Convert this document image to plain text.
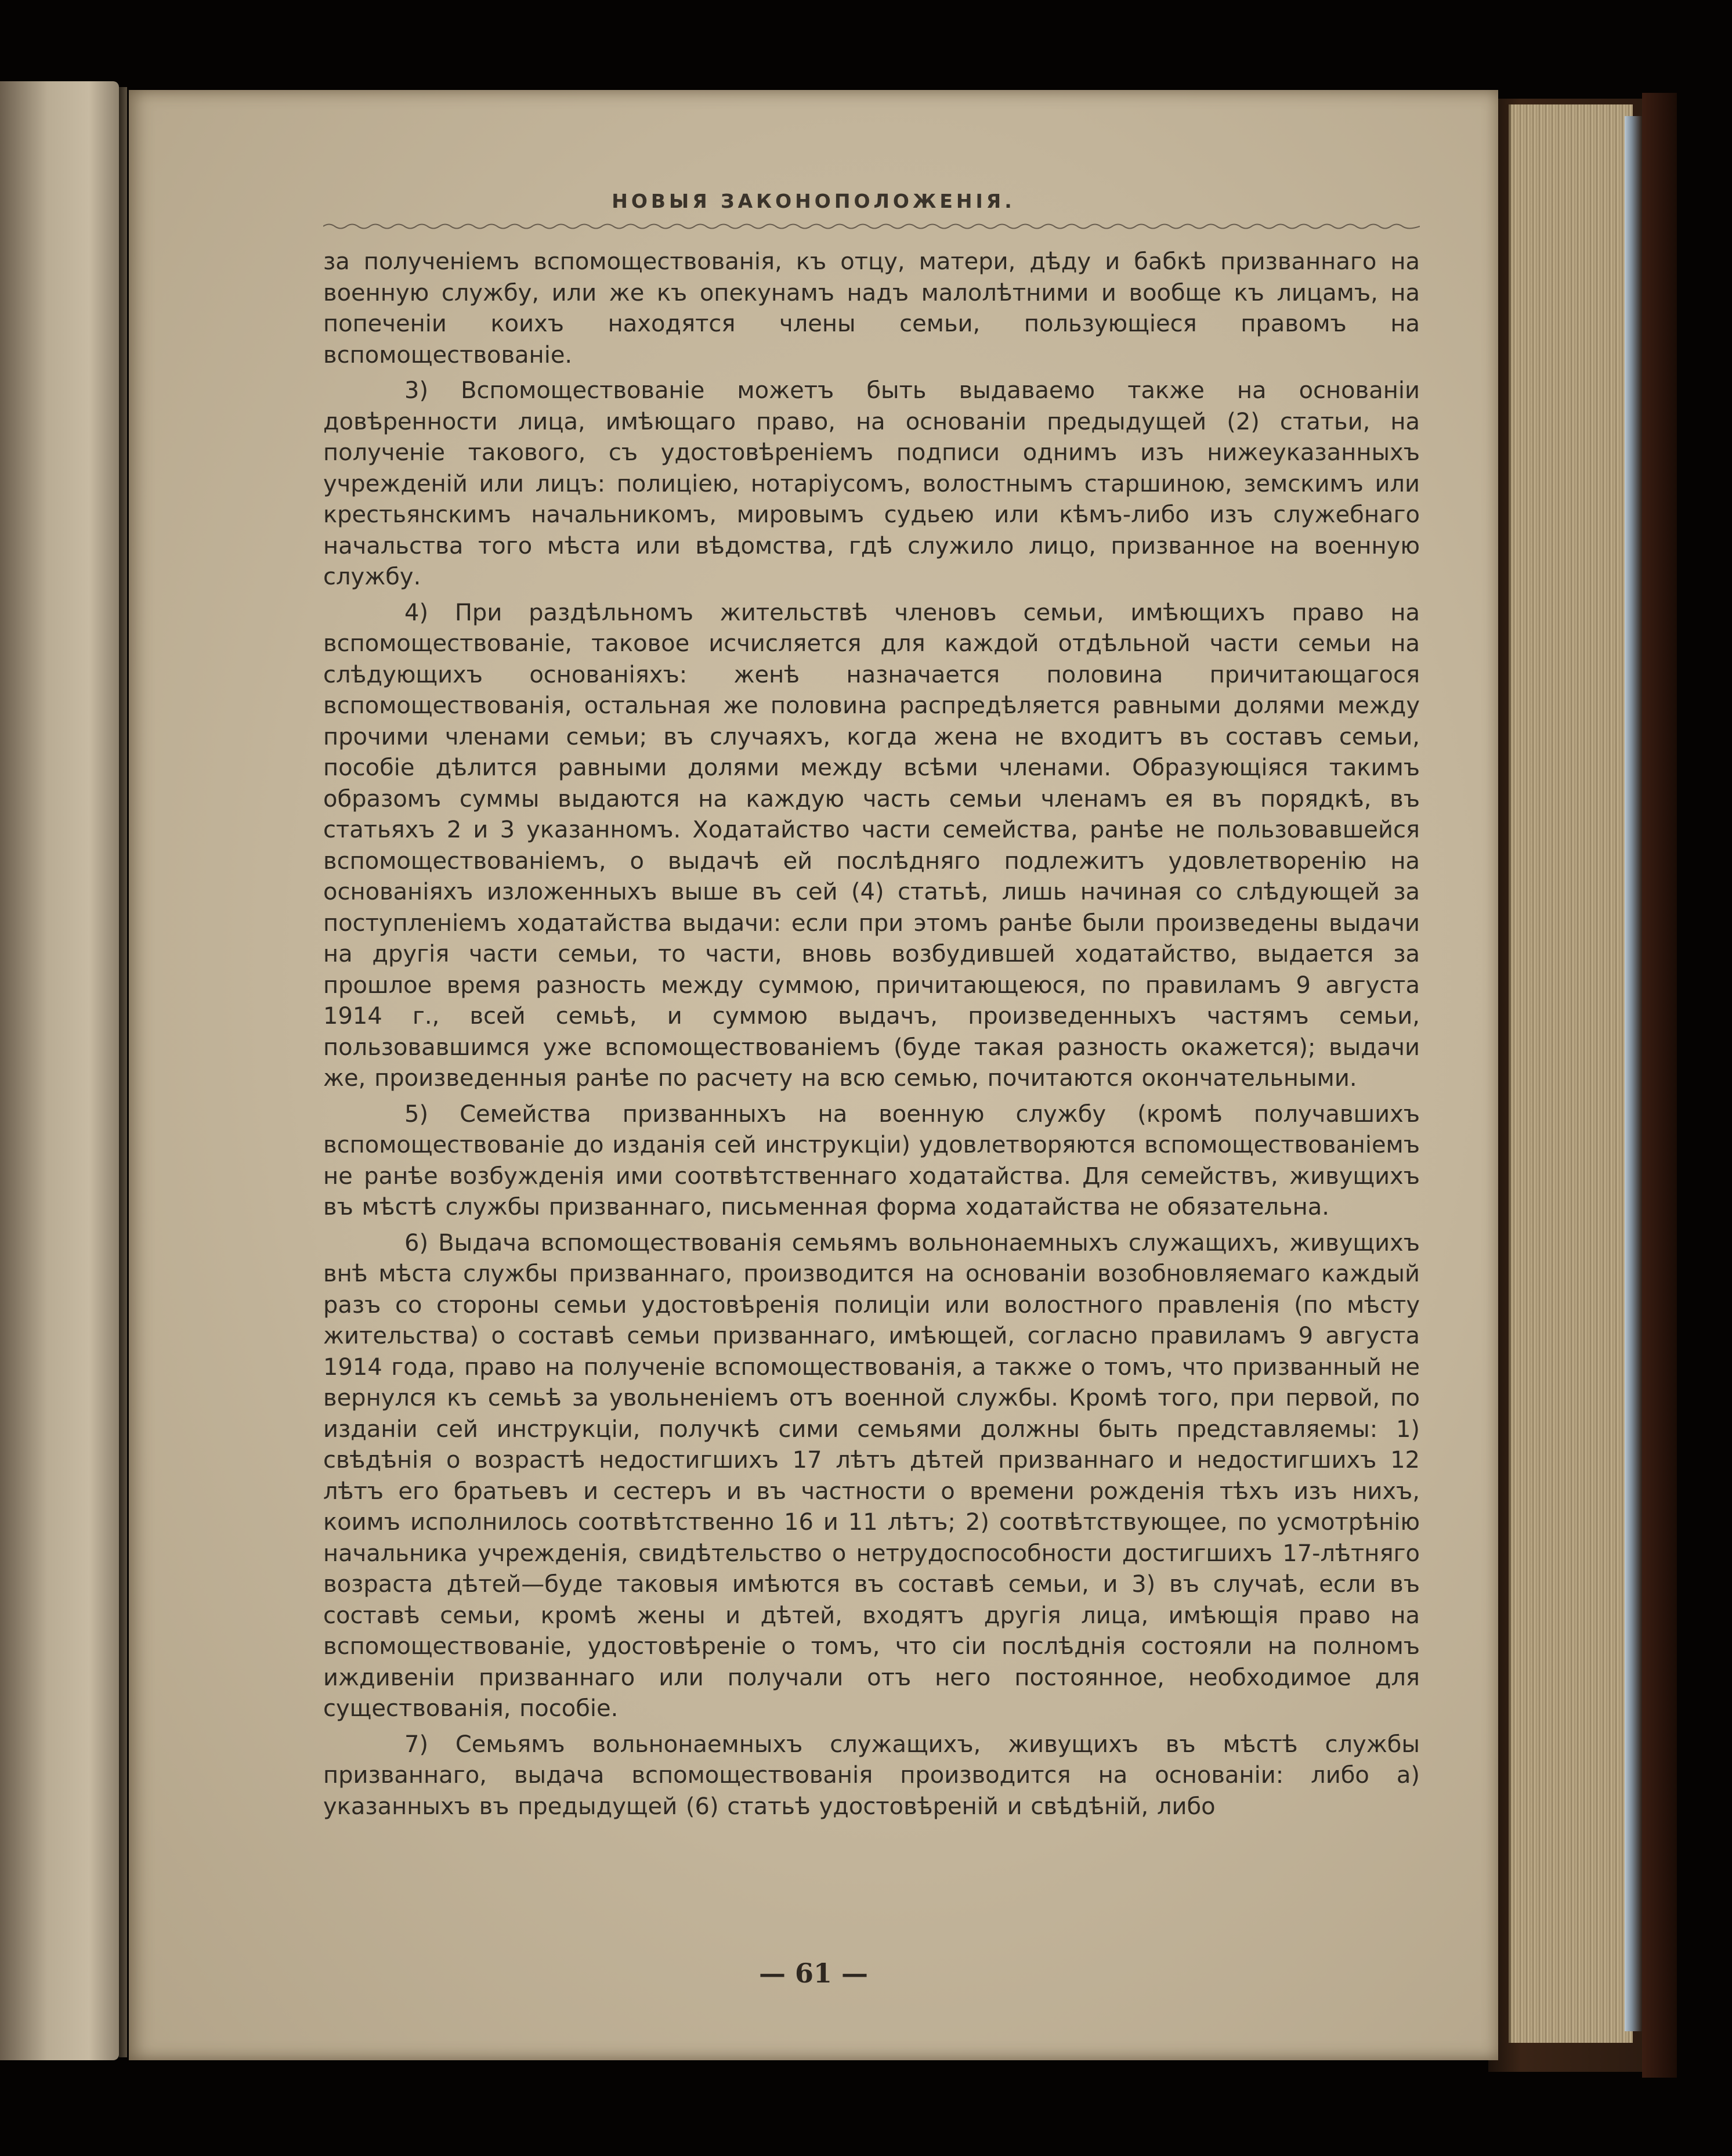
НОВЫЯ ЗАКОНОПОЛОЖЕНІЯ.

за полученіемъ вспомоществованія, къ отцу, матери, дѣду и бабкѣ призваннаго на военную службу, или же къ опекунамъ надъ малолѣтними и вообще къ лицамъ, на попеченіи коихъ находятся члены семьи, пользующіеся правомъ на вспомоществованіе.

3) Вспомоществованіе можетъ быть выдаваемо также на основаніи довѣренности лица, имѣющаго право, на основаніи предыдущей (2) статьи, на полученіе такового, съ удостовѣреніемъ подписи однимъ изъ нижеуказанныхъ учрежденій или лицъ: полиціею, нотаріусомъ, волостнымъ старшиною, земскимъ или крестьянскимъ начальникомъ, мировымъ судьею или кѣмъ-либо изъ служебнаго начальства того мѣста или вѣдомства, гдѣ служило лицо, призванное на военную службу.

4) При раздѣльномъ жительствѣ членовъ семьи, имѣющихъ право на вспомоществованіе, таковое исчисляется для каждой отдѣльной части семьи на слѣдующихъ основаніяхъ: женѣ назначается половина причитающагося вспомоществованія, остальная же половина распредѣляется равными долями между прочими членами семьи; въ случаяхъ, когда жена не входитъ въ составъ семьи, пособіе дѣлится равными долями между всѣми членами. Образующіяся такимъ образомъ суммы выдаются на каждую часть семьи членамъ ея въ порядкѣ, въ статьяхъ 2 и 3 указанномъ. Ходатайство части семейства, ранѣе не пользовавшейся вспомоществованіемъ, о выдачѣ ей послѣдняго подлежитъ удовлетворенію на основаніяхъ изложенныхъ выше въ сей (4) статьѣ, лишь начиная со слѣдующей за поступленіемъ ходатайства выдачи: если при этомъ ранѣе были произведены выдачи на другія части семьи, то части, вновь возбудившей ходатайство, выдается за прошлое время разность между суммою, причитающеюся, по правиламъ 9 августа 1914 г., всей семьѣ, и суммою выдачъ, произведенныхъ частямъ семьи, пользовавшимся уже вспомоществованіемъ (буде такая разность окажется); выдачи же, произведенныя ранѣе по расчету на всю семью, почитаются окончательными.

5) Семейства призванныхъ на военную службу (кромѣ получавшихъ вспомоществованіе до изданія сей инструкціи) удовлетворяются вспомоществованіемъ не ранѣе возбужденія ими соотвѣтственнаго ходатайства. Для семействъ, живущихъ въ мѣстѣ службы призваннаго, письменная форма ходатайства не обязательна.

6) Выдача вспомоществованія семьямъ вольнонаемныхъ служащихъ, живущихъ внѣ мѣста службы призваннаго, производится на основаніи возобновляемаго каждый разъ со стороны семьи удостовѣренія полиціи или волостного правленія (по мѣсту жительства) о составѣ семьи призваннаго, имѣющей, согласно правиламъ 9 августа 1914 года, право на полученіе вспомоществованія, а также о томъ, что призванный не вернулся къ семьѣ за увольненіемъ отъ военной службы. Кромѣ того, при первой, по изданіи сей инструкціи, получкѣ сими семьями должны быть представляемы: 1) свѣдѣнія о возрастѣ недостигшихъ 17 лѣтъ дѣтей призваннаго и недостигшихъ 12 лѣтъ его братьевъ и сестеръ и въ частности о времени рожденія тѣхъ изъ нихъ, коимъ исполнилось соотвѣтственно 16 и 11 лѣтъ; 2) соотвѣтствующее, по усмотрѣнію начальника учрежденія, свидѣтельство о нетрудоспособности достигшихъ 17-лѣтняго возраста дѣтей—буде таковыя имѣются въ составѣ семьи, и 3) въ случаѣ, если въ составѣ семьи, кромѣ жены и дѣтей, входятъ другія лица, имѣющія право на вспомоществованіе, удостовѣреніе о томъ, что сіи послѣднія состояли на полномъ иждивеніи призваннаго или получали отъ него постоянное, необходимое для существованія, пособіе.

7) Семьямъ вольнонаемныхъ служащихъ, живущихъ въ мѣстѣ службы призваннаго, выдача вспомоществованія производится на основаніи: либо а) указанныхъ въ предыдущей (6) статьѣ удостовѣреній и свѣдѣній, либо

— 61 —
